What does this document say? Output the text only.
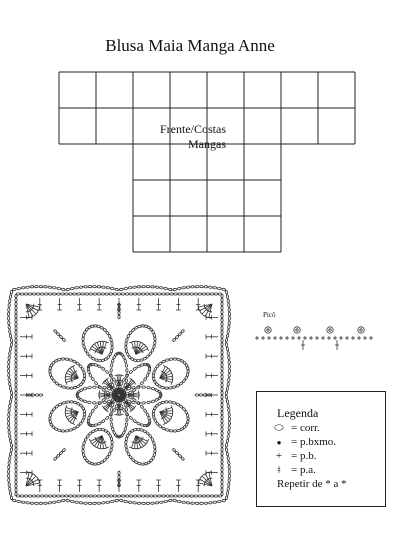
Blusa Maia Manga Anne
Frente/Costas
Mangas
Picô
Legenda
⬭ = corr.
● = p.bxmo.
+ = p.b.
ǂ = p.a.
Repetir de * a *
